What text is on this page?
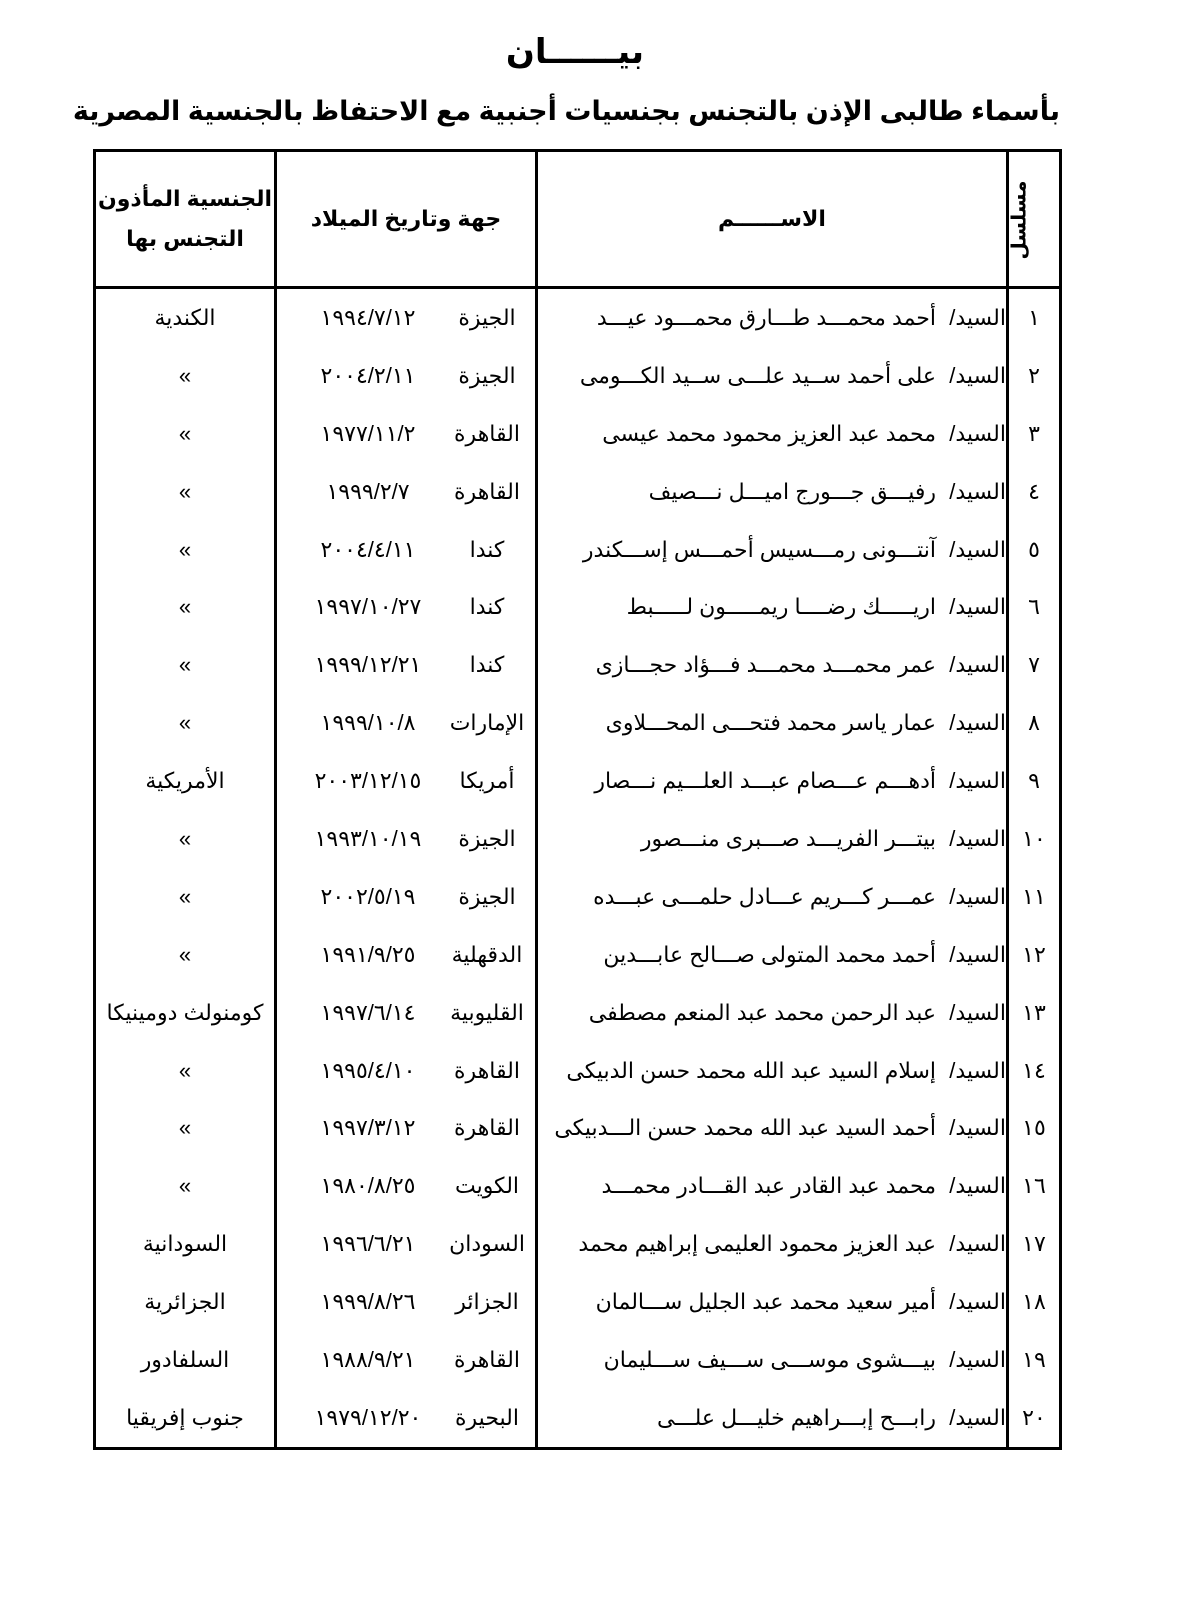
بيــــــان
بأسماء طالبى الإذن بالتجنس بجنسيات أجنبية مع الاحتفاظ بالجنسية المصرية
مسلسل	الاســــــم	جهة وتاريخ الميلاد	الجنسية المأذون
التجنس بها

١	السيد/أحمد محمـــد طـــارق محمـــود عيـــد	الجيزة١٩٩٤/٧/١٢	الكندية
٢	السيد/على أحمد ســيد علـــى ســيد الكـــومى	الجيزة٢٠٠٤/٢/١١	»
٣	السيد/محمد عبد العزيز محمود محمد عيسى	القاهرة١٩٧٧/١١/٢	»
٤	السيد/رفيـــق جـــورج اميـــل نـــصيف	القاهرة١٩٩٩/٢/٧	»
٥	السيد/آنتـــونى رمـــسيس أحمـــس إســـكندر	كندا٢٠٠٤/٤/١١	»
٦	السيد/اريـــــك رضــــا ريمـــــون لـــــبط	كندا١٩٩٧/١٠/٢٧	»
٧	السيد/عمر محمـــد محمـــد فـــؤاد حجـــازى	كندا١٩٩٩/١٢/٢١	»
٨	السيد/عمار ياسر محمد فتحـــى المحـــلاوى	الإمارات١٩٩٩/١٠/٨	»
٩	السيد/أدهـــم عـــصام عبـــد العلـــيم نـــصار	أمريكا٢٠٠٣/١٢/١٥	الأمريكية
١٠	السيد/بيتـــر الفريـــد صـــبرى منـــصور	الجيزة١٩٩٣/١٠/١٩	»
١١	السيد/عمـــر كـــريم عـــادل حلمـــى عبـــده	الجيزة٢٠٠٢/٥/١٩	»
١٢	السيد/أحمد محمد المتولى صـــالح عابـــدين	الدقهلية١٩٩١/٩/٢٥	»
١٣	السيد/عبد الرحمن محمد عبد المنعم مصطفى	القليوبية١٩٩٧/٦/١٤	كومنولث دومينيكا
١٤	السيد/إسلام السيد عبد الله محمد حسن الدبيكى	القاهرة١٩٩٥/٤/١٠	»
١٥	السيد/أحمد السيد عبد الله محمد حسن الـــدبيكى	القاهرة١٩٩٧/٣/١٢	»
١٦	السيد/محمد عبد القادر عبد القـــادر محمـــد	الكويت١٩٨٠/٨/٢٥	»
١٧	السيد/عبد العزيز محمود العليمى إبراهيم محمد	السودان١٩٩٦/٦/٢١	السودانية
١٨	السيد/أمير سعيد محمد عبد الجليل ســـالمان	الجزائر١٩٩٩/٨/٢٦	الجزائرية
١٩	السيد/بيـــشوى موســـى ســـيف ســـليمان	القاهرة١٩٨٨/٩/٢١	السلفادور
٢٠	السيد/رابـــح إبـــراهيم خليـــل علـــى	البحيرة١٩٧٩/١٢/٢٠	جنوب إفريقيا
